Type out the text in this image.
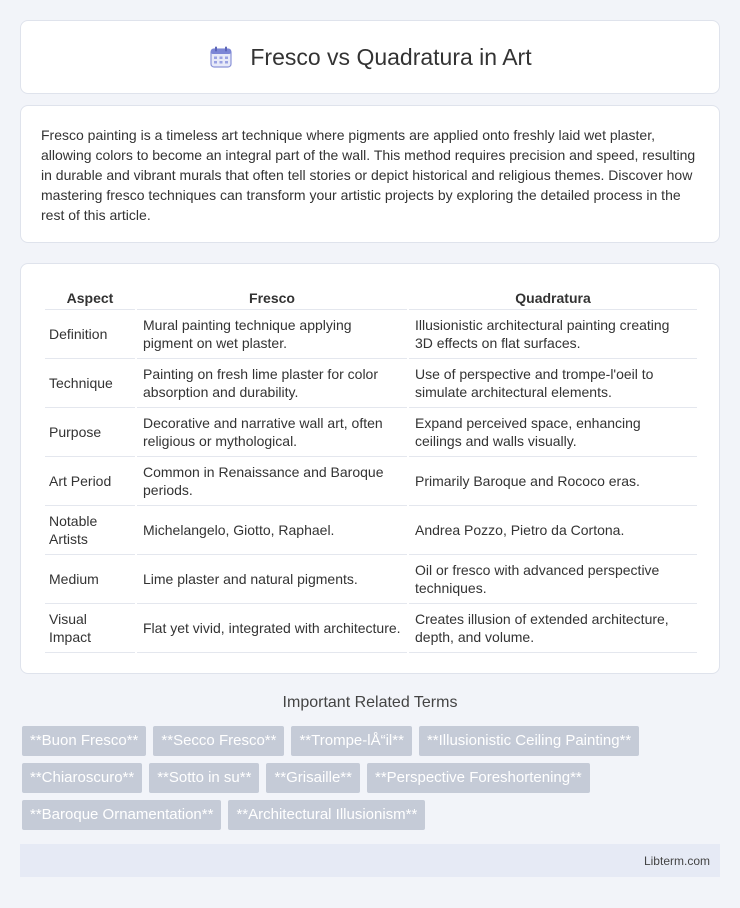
Fresco vs Quadratura in Art

Fresco painting is a timeless art technique where pigments are applied onto freshly laid wet plaster, allowing colors to become an integral part of the wall. This method requires precision and speed, resulting in durable and vibrant murals that often tell stories or depict historical and religious themes. Discover how mastering fresco techniques can transform your artistic projects by exploring the detailed process in the rest of this article.

Aspect	Fresco	Quadratura
Definition	Mural painting technique applying pigment on wet plaster.	Illusionistic architectural painting creating 3D effects on flat surfaces.
Technique	Painting on fresh lime plaster for color absorption and durability.	Use of perspective and trompe-l'oeil to simulate architectural elements.
Purpose	Decorative and narrative wall art, often religious or mythological.	Expand perceived space, enhancing ceilings and walls visually.
Art Period	Common in Renaissance and Baroque periods.	Primarily Baroque and Rococo eras.
Notable Artists	Michelangelo, Giotto, Raphael.	Andrea Pozzo, Pietro da Cortona.
Medium	Lime plaster and natural pigments.	Oil or fresco with advanced perspective techniques.
Visual Impact	Flat yet vivid, integrated with architecture.	Creates illusion of extended architecture, depth, and volume.
Important Related Terms
**Buon Fresco**	**Secco Fresco**	**Trompe-lÅ“il**	**Illusionistic Ceiling Painting**
**Chiaroscuro**	**Sotto in su**	**Grisaille**	**Perspective Foreshortening**
**Baroque Ornamentation**	**Architectural Illusionism**
Libterm.com
